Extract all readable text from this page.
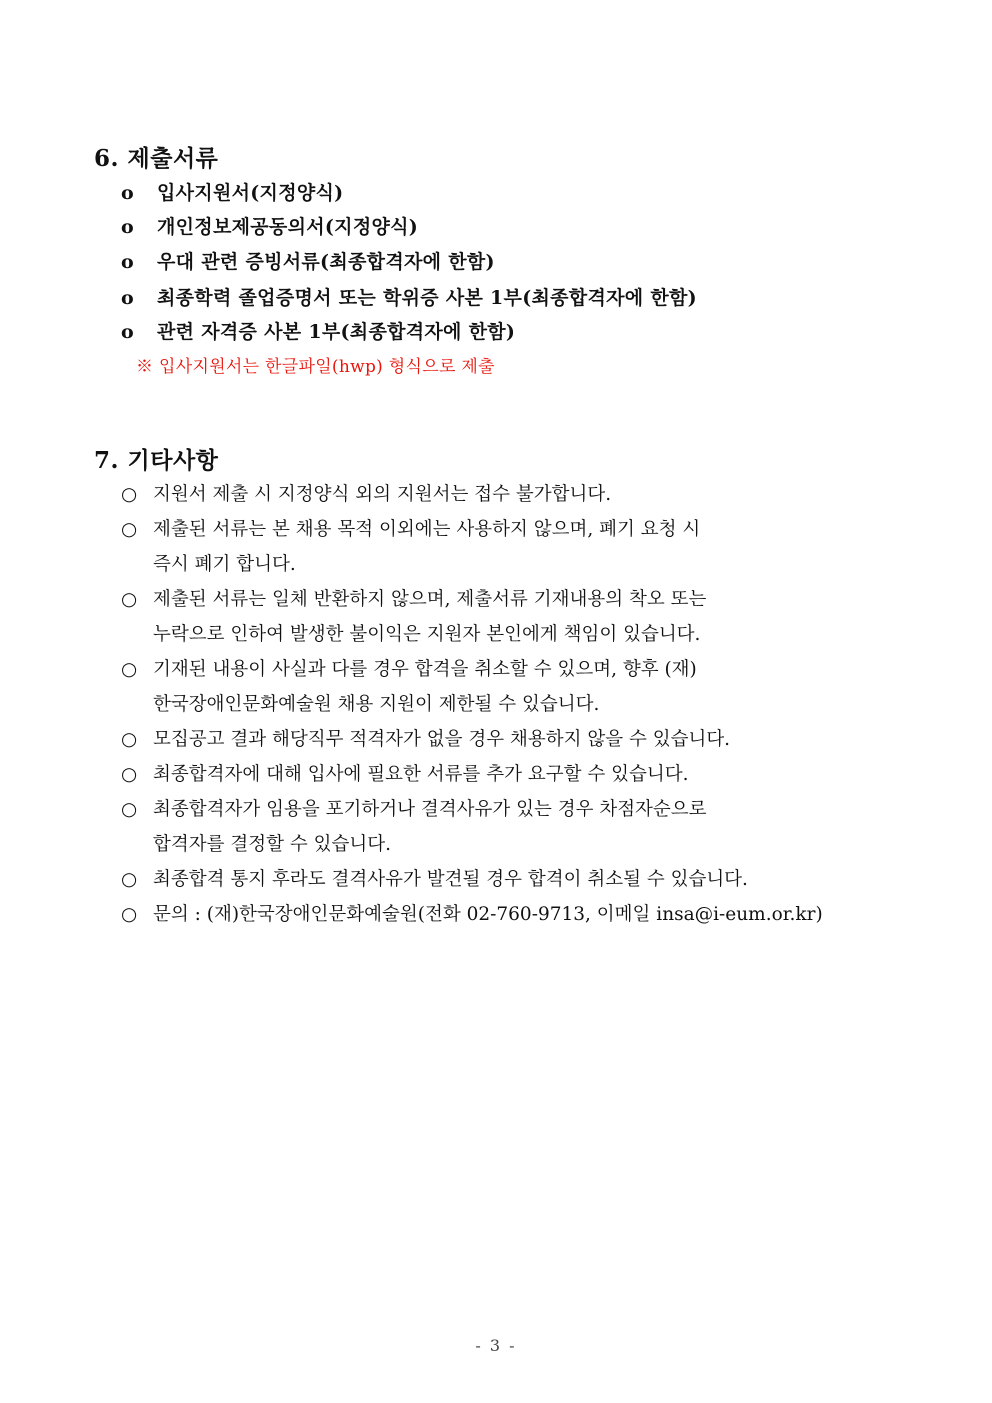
6. 제출서류
o 입사지원서(지정양식)
o 개인정보제공동의서(지정양식)
o 우대 관련 증빙서류(최종합격자에 한함)
o 최종학력 졸업증명서 또는 학위증 사본 1부(최종합격자에 한함)
o 관련 자격증 사본 1부(최종합격자에 한함)
※ 입사지원서는 한글파일(hwp) 형식으로 제출
7. 기타사항
○ 지원서 제출 시 지정양식 외의 지원서는 접수 불가합니다.
○ 제출된 서류는 본 채용 목적 이외에는 사용하지 않으며, 폐기 요청 시
즉시 폐기 합니다.
○ 제출된 서류는 일체 반환하지 않으며, 제출서류 기재내용의 착오 또는
누락으로 인하여 발생한 불이익은 지원자 본인에게 책임이 있습니다.
○ 기재된 내용이 사실과 다를 경우 합격을 취소할 수 있으며, 향후 (재)
한국장애인문화예술원 채용 지원이 제한될 수 있습니다.
○ 모집공고 결과 해당직무 적격자가 없을 경우 채용하지 않을 수 있습니다.
○ 최종합격자에 대해 입사에 필요한 서류를 추가 요구할 수 있습니다.
○ 최종합격자가 임용을 포기하거나 결격사유가 있는 경우 차점자순으로
합격자를 결정할 수 있습니다.
○ 최종합격 통지 후라도 결격사유가 발견될 경우 합격이 취소될 수 있습니다.
○ 문의 : (재)한국장애인문화예술원(전화 02-760-9713, 이메일 insa@i-eum.or.kr)
- 3 -
